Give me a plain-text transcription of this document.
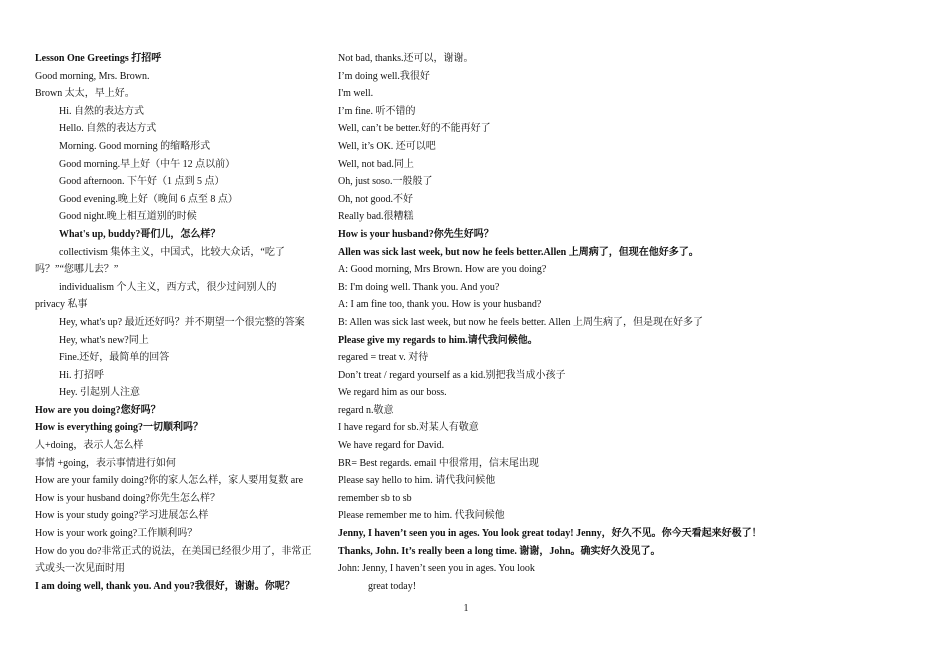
Lesson One Greetings 打招呼
Good morning, Mrs. Brown.
Brown 太太，早上好。
Hi. 自然的表达方式
Hello. 自然的表达方式
Morning. Good morning 的缩略形式
Good morning.早上好（中午 12 点以前）
Good afternoon. 下午好（1 点到 5 点）
Good evening.晚上好（晚间 6 点至 8 点）
Good night.晚上相互道别的时候
What's up, buddy?哥们儿，怎么样？
collectivism 集体主义，中国式，比较大众话，“吃了
吗？”“您哪儿去？”
individualism 个人主义，西方式，很少过问别人的
privacy 私事
Hey, what's up? 最近还好吗？并不期望一个很完整的答案
Hey, what's new?同上
Fine.还好，最简单的回答
Hi. 打招呼
Hey. 引起别人注意
How are you doing?您好吗？
How is everything going?一切顺利吗？
人+doing，表示人怎么样
事情 +going，表示事情进行如何
How are your family doing?你的家人怎么样，家人要用复数 are
How is your husband doing?你先生怎么样？
How is your study going?学习进展怎么样
How is your work going?工作顺利吗？
How do you do?非常正式的说法，在美国已经很少用了，非常正
式或头一次见面时用
I am doing well, thank you. And you?我很好，谢谢。你呢？
Not bad, thanks.还可以，谢谢。
I’m doing well.我很好
I'm well.
I’m fine. 听不错的
Well, can’t be better.好的不能再好了
Well, it’s OK. 还可以吧
Well, not bad.同上
Oh, just soso.一般般了
Oh, not good.不好
Really bad.很糟糕
How is your husband?你先生好吗？
Allen was sick last week, but now he feels better.Allen 上周病了，但现在他好多了。
A: Good morning, Mrs Brown. How are you doing?
B: I'm doing well. Thank you. And you?
A: I am fine too, thank you. How is your husband?
B: Allen was sick last week, but now he feels better. Allen 上周生病了，但是现在好多了
Please give my regards to him.请代我问候他。
regared = treat v. 对待
Don’t treat / regard yourself as a kid.别把我当成小孩子
We regard him as our boss.
regard n.敬意
I have regard for sb.对某人有敬意
We have regard for David.
BR= Best regards. email 中很常用，信末尾出现
Please say hello to him. 请代我问候他
remember sb to sb
Please remember me to him. 代我问候他
Jenny, I haven’t seen you in ages. You look great today! Jenny，好久不见。你今天看起来好极了！
Thanks, John. It’s really been a long time. 谢谢，John。确实好久没见了。
John: Jenny, I haven’t seen you in ages. You look
great today!
1
